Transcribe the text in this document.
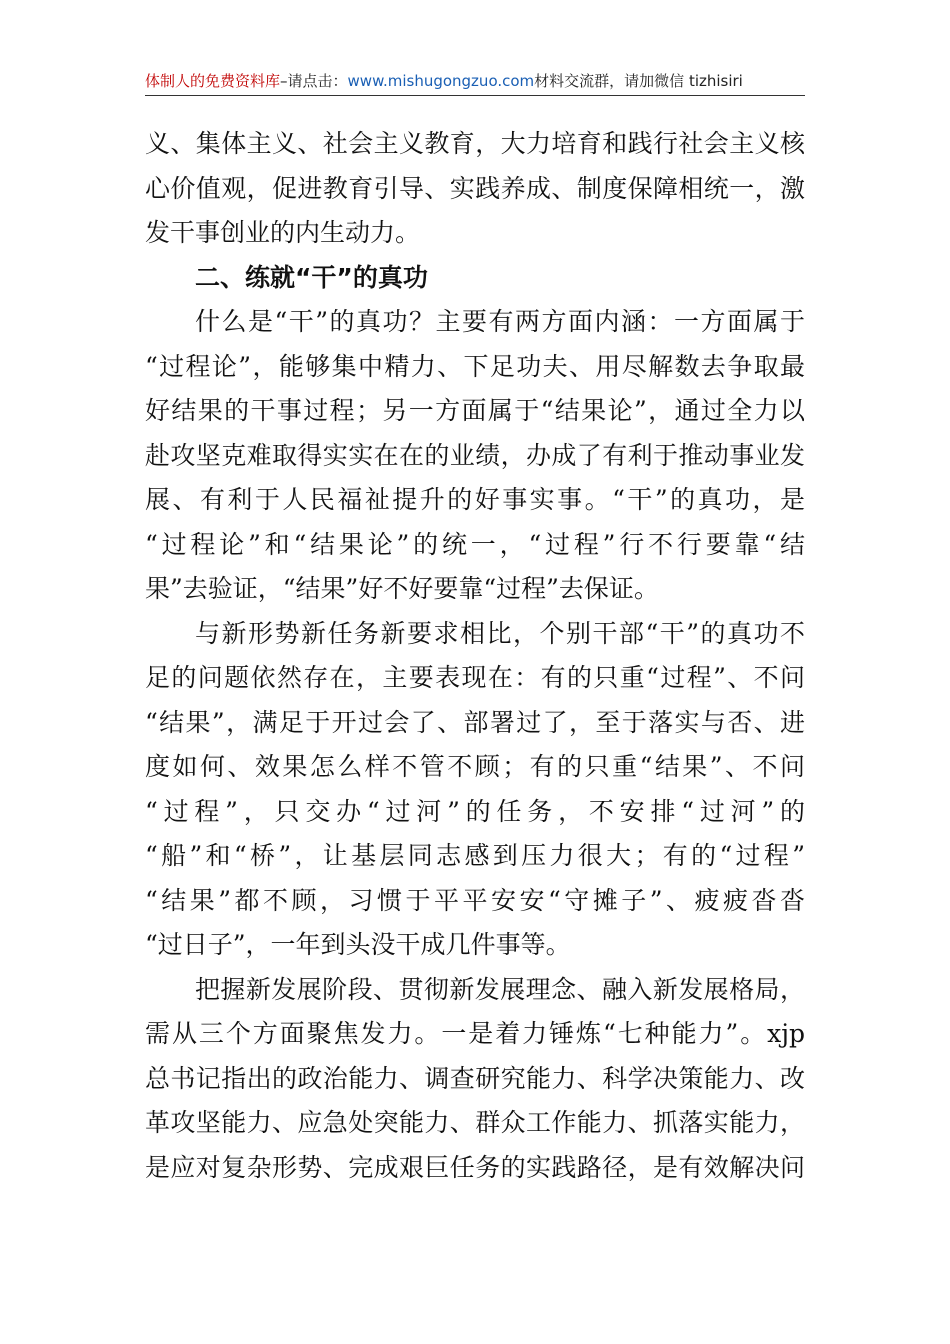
体制人的免费资料库–请点击：www.mishugongzuo.com材料交流群，请加微信 tizhisiri
义、集体主义、社会主义教育，大力培育和践行社会主义核
心价值观，促进教育引导、实践养成、制度保障相统一，激
发干事创业的内生动力。
二、练就“干”的真功
什么是“干”的真功？主要有两方面内涵：一方面属于
“过程论”，能够集中精力、下足功夫、用尽解数去争取最
好结果的干事过程；另一方面属于“结果论”，通过全力以
赴攻坚克难取得实实在在的业绩，办成了有利于推动事业发
展、有利于人民福祉提升的好事实事。“干”的真功，是
“过程论”和“结果论”的统一，“过程”行不行要靠“结
果”去验证，“结果”好不好要靠“过程”去保证。
与新形势新任务新要求相比，个别干部“干”的真功不
足的问题依然存在，主要表现在：有的只重“过程”、不问
“结果”，满足于开过会了、部署过了，至于落实与否、进
度如何、效果怎么样不管不顾；有的只重“结果”、不问
“过程”，只交办“过河”的任务，不安排“过河”的
“船”和“桥”，让基层同志感到压力很大；有的“过程”
“结果”都不顾，习惯于平平安安“守摊子”、疲疲沓沓
“过日子”，一年到头没干成几件事等。
把握新发展阶段、贯彻新发展理念、融入新发展格局，
需从三个方面聚焦发力。一是着力锤炼“七种能力”。xjp
总书记指出的政治能力、调查研究能力、科学决策能力、改
革攻坚能力、应急处突能力、群众工作能力、抓落实能力，
是应对复杂形势、完成艰巨任务的实践路径，是有效解决问
